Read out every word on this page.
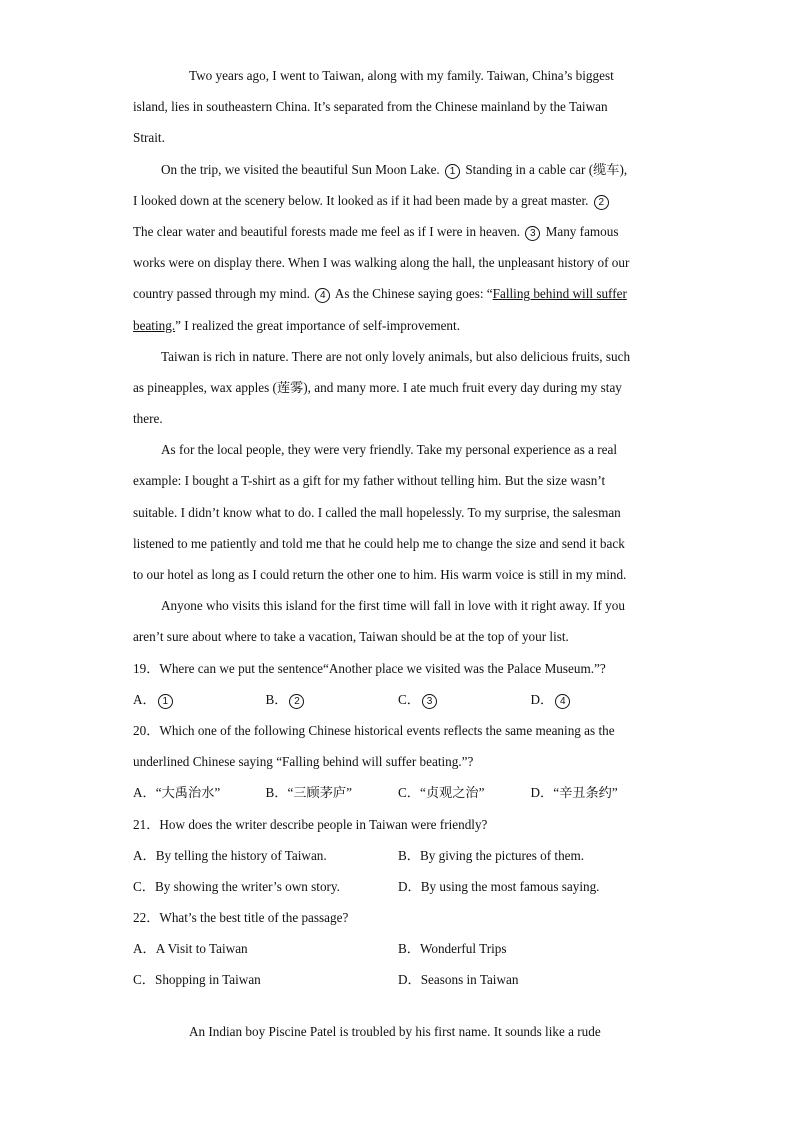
Two years ago, I went to Taiwan, along with my family. Taiwan, China’s biggest
island, lies in southeastern China. It’s separated from the Chinese mainland by the Taiwan
Strait.
On the trip, we visited the beautiful Sun Moon Lake. 1 Standing in a cable car (缆车),
I looked down at the scenery below. It looked as if it had been made by a great master. 2
The clear water and beautiful forests made me feel as if I were in heaven. 3 Many famous
works were on display there. When I was walking along the hall, the unpleasant history of our
country passed through my mind. 4 As the Chinese saying goes: “Falling behind will suffer
beating.” I realized the great importance of self-improvement.
Taiwan is rich in nature. There are not only lovely animals, but also delicious fruits, such
as pineapples, wax apples (莲雾), and many more. I ate much fruit every day during my stay
there.
As for the local people, they were very friendly. Take my personal experience as a real
example: I bought a T-shirt as a gift for my father without telling him. But the size wasn’t
suitable. I didn’t know what to do. I called the mall hopelessly. To my surprise, the salesman
listened to me patiently and told me that he could help me to change the size and send it back
to our hotel as long as I could return the other one to him. His warm voice is still in my mind.
Anyone who visits this island for the first time will fall in love with it right away. If you
aren’t sure about where to take a vacation, Taiwan should be at the top of your list.
19．Where can we put the sentence“Another place we visited was the Palace Museum.”?
A． 1	B． 2	C． 3	D． 4
20．Which one of the following Chinese historical events reflects the same meaning as the
underlined Chinese saying “Falling behind will suffer beating.”?
A．“大禹治水”	B．“三顾茅庐”	C．“贞观之治”	D．“辛丑条约”
21．How does the writer describe people in Taiwan were friendly?
A．By telling the history of Taiwan.	B．By giving the pictures of them.
C．By showing the writer’s own story.	D．By using the most famous saying.
22．What’s the best title of the passage?
A．A Visit to Taiwan	B．Wonderful Trips
C．Shopping in Taiwan	D．Seasons in Taiwan
An Indian boy Piscine Patel is troubled by his first name. It sounds like a rude
